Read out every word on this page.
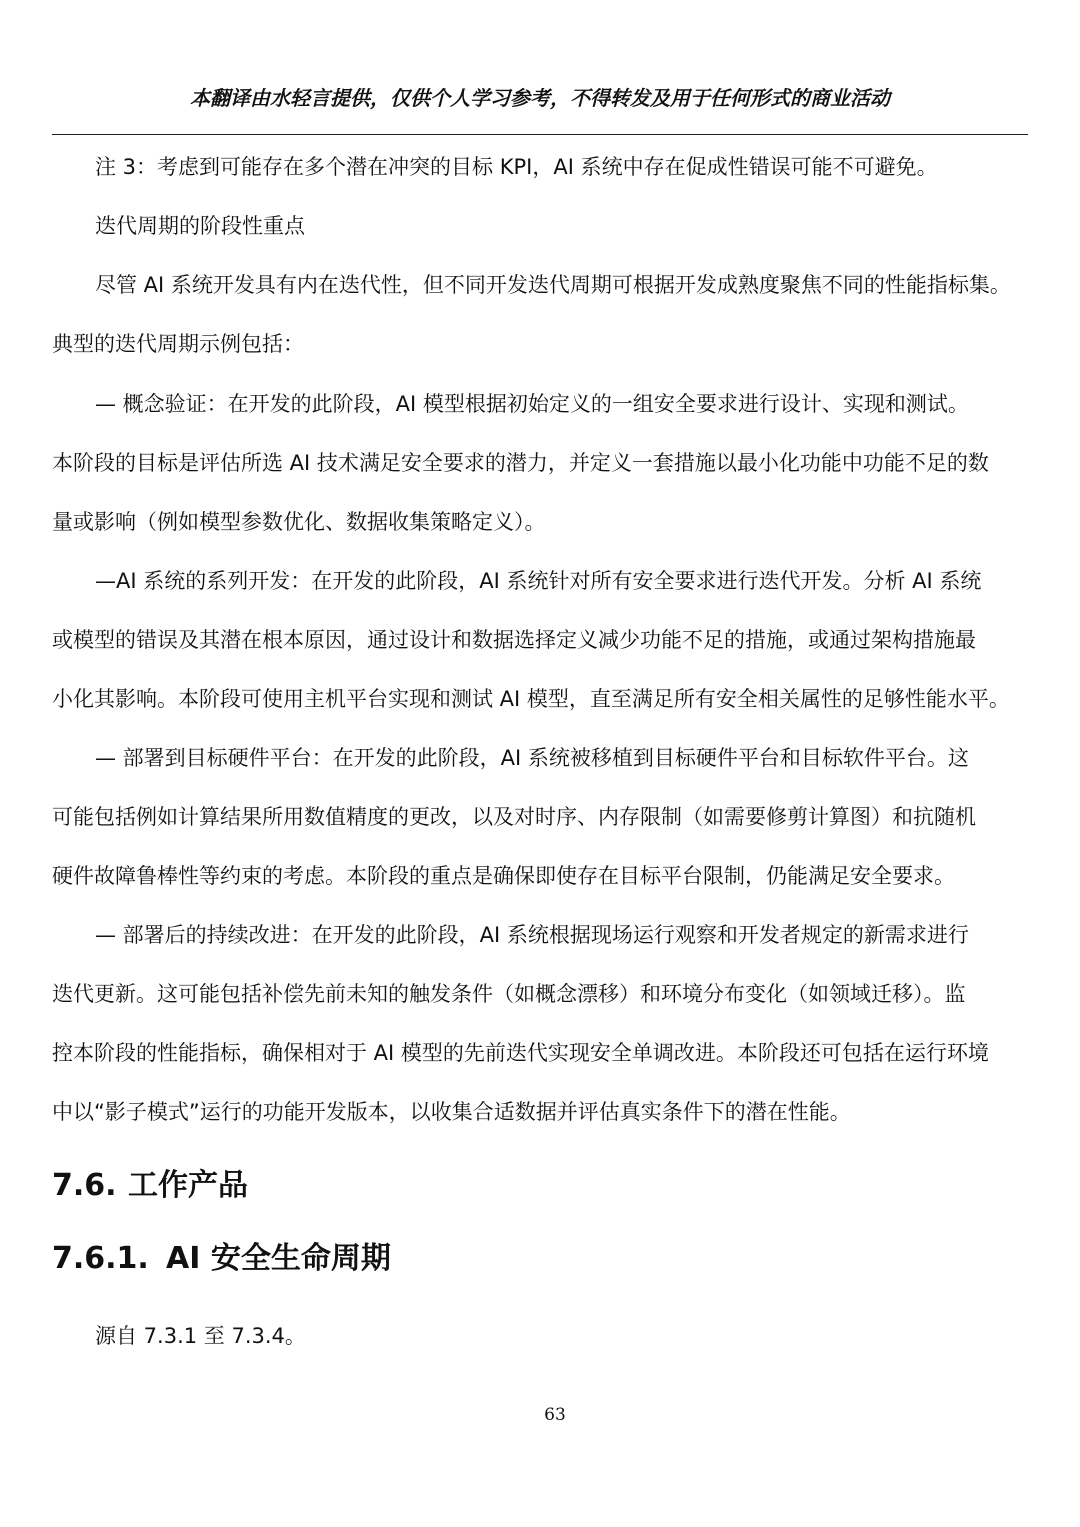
本翻译由水轻言提供，仅供个人学习参考，不得转发及用于任何形式的商业活动
注 3：考虑到可能存在多个潜在冲突的目标 KPI，AI 系统中存在促成性错误可能不可避免。
迭代周期的阶段性重点
尽管 AI 系统开发具有内在迭代性，但不同开发迭代周期可根据开发成熟度聚焦不同的性能指标集。
典型的迭代周期示例包括：
— 概念验证：在开发的此阶段，AI 模型根据初始定义的一组安全要求进行设计、实现和测试。
本阶段的目标是评估所选 AI 技术满足安全要求的潜力，并定义一套措施以最小化功能中功能不足的数
量或影响（例如模型参数优化、数据收集策略定义）。
—AI 系统的系列开发：在开发的此阶段，AI 系统针对所有安全要求进行迭代开发。分析 AI 系统
或模型的错误及其潜在根本原因，通过设计和数据选择定义减少功能不足的措施，或通过架构措施最
小化其影响。本阶段可使用主机平台实现和测试 AI 模型，直至满足所有安全相关属性的足够性能水平。
— 部署到目标硬件平台：在开发的此阶段，AI 系统被移植到目标硬件平台和目标软件平台。这
可能包括例如计算结果所用数值精度的更改，以及对时序、内存限制（如需要修剪计算图）和抗随机
硬件故障鲁棒性等约束的考虑。本阶段的重点是确保即使存在目标平台限制，仍能满足安全要求。
— 部署后的持续改进：在开发的此阶段，AI 系统根据现场运行观察和开发者规定的新需求进行
迭代更新。这可能包括补偿先前未知的触发条件（如概念漂移）和环境分布变化（如领域迁移）。监
控本阶段的性能指标，确保相对于 AI 模型的先前迭代实现安全单调改进。本阶段还可包括在运行环境
中以“影子模式”运行的功能开发版本，以收集合适数据并评估真实条件下的潜在性能。
7.6. 工作产品
7.6.1. AI 安全生命周期
源自 7.3.1 至 7.3.4。
63
